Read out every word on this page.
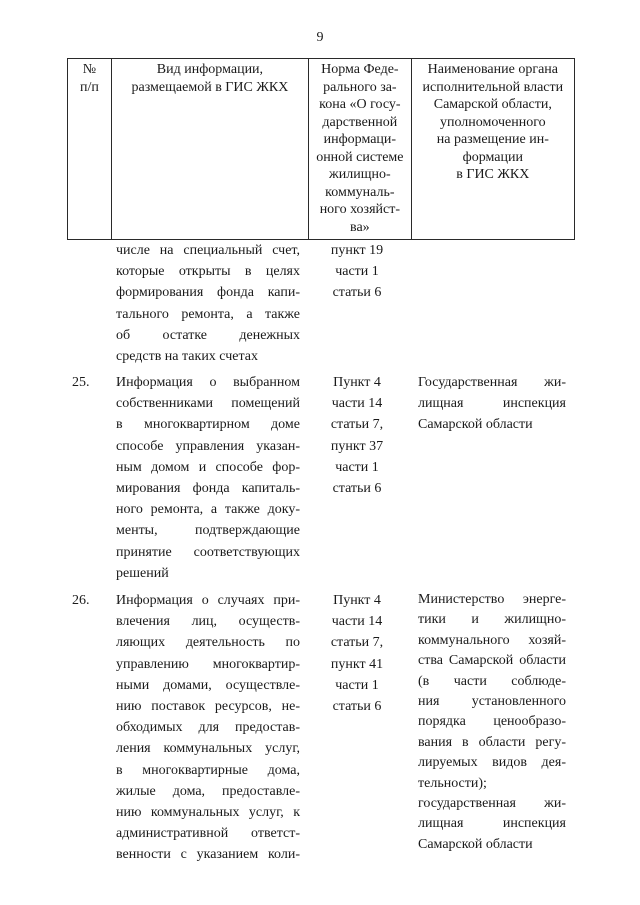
9
№
п/п
Вид информации,
размещаемой в ГИС ЖКХ
Норма Феде-
рального за-
кона «О госу-
дарственной
информаци-
онной системе
жилищно-
коммуналь-
ного хозяйст-
ва»
Наименование органа
исполнительной власти
Самарской области,
уполномоченного
на размещение ин-
формации
в ГИС ЖКХ
числе на специальный счет,
которые открыты в целях
формирования фонда капи-
тального ремонта, а также
об остатке денежных
средств на таких счетах
пункт 19
части 1
статьи 6
25.	Информация о выбранном
собственниками помещений
в многоквартирном доме
способе управления указан-
ным домом и способе фор-
мирования фонда капиталь-
ного ремонта, а также доку-
менты, подтверждающие
принятие соответствующих
решений
Пункт 4
части 14
статьи 7,
пункт 37
части 1
статьи 6
Государственная жи-
лищная инспекция
Самарской области
26.	Информация о случаях при-
влечения лиц, осуществ-
ляющих деятельность по
управлению многоквартир-
ными домами, осуществле-
нию поставок ресурсов, не-
обходимых для предостав-
ления коммунальных услуг,
в многоквартирные дома,
жилые дома, предоставле-
нию коммунальных услуг, к
административной ответст-
венности с указанием коли-
Пункт 4
части 14
статьи 7,
пункт 41
части 1
статьи 6
Министерство энерге-
тики и жилищно-
коммунального хозяй-
ства Самарской области
(в части соблюде-
ния установленного
порядка ценообразо-
вания в области регу-
лируемых видов дея-
тельности);
государственная жи-
лищная инспекция
Самарской области
